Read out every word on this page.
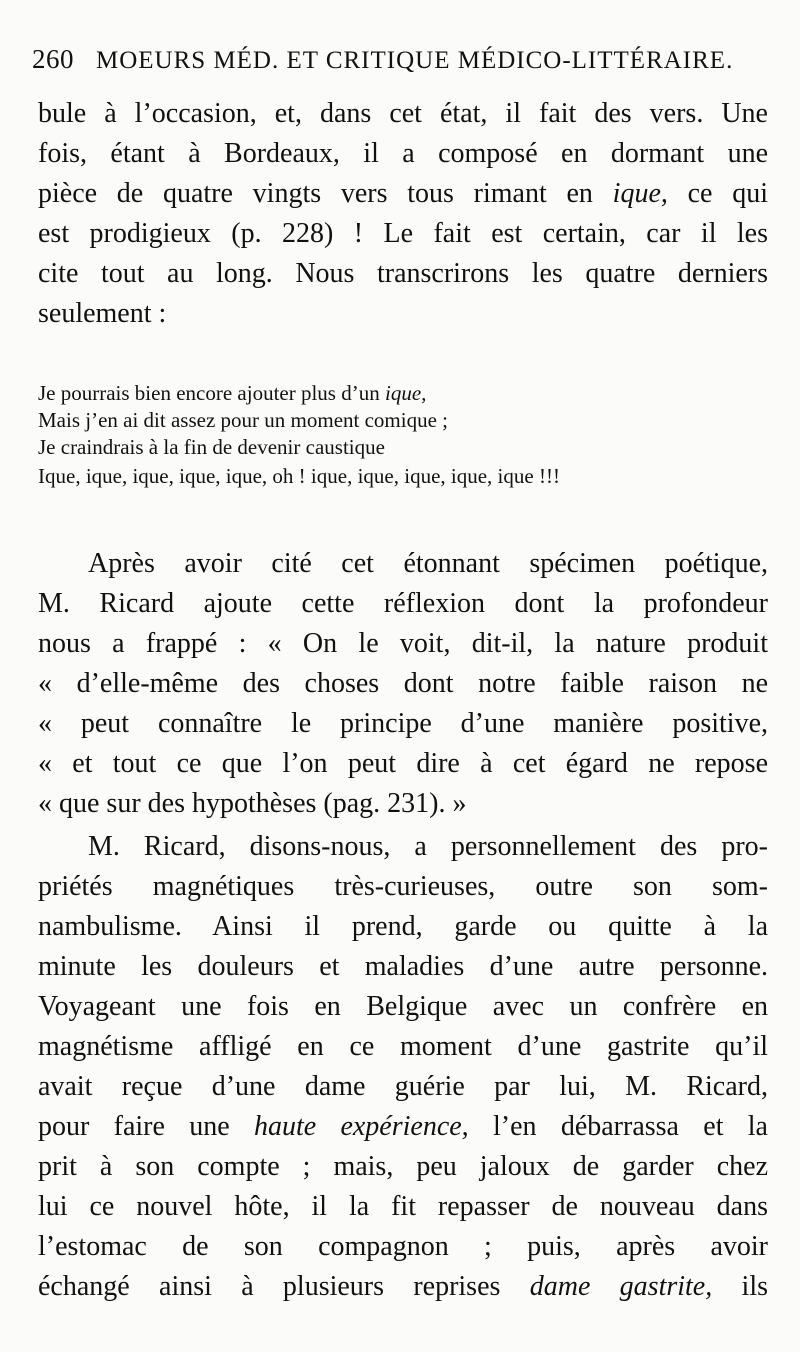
260 MOEURS MÉD. ET CRITIQUE MÉDICO-LITTÉRAIRE.
bule à l’occasion, et, dans cet état, il fait des vers. Une
fois, étant à Bordeaux, il a composé en dormant une
pièce de quatre vingts vers tous rimant en ique, ce qui
est prodigieux (p. 228) ! Le fait est certain, car il les
cite tout au long. Nous transcrirons les quatre derniers
seulement :
Je pourrais bien encore ajouter plus d’un ique,
Mais j’en ai dit assez pour un moment comique ;
Je craindrais à la fin de devenir caustique
Ique, ique, ique, ique, ique, oh ! ique, ique, ique, ique, ique !!!
Après avoir cité cet étonnant spécimen poétique,
M. Ricard ajoute cette réflexion dont la profondeur
nous a frappé : « On le voit, dit-il, la nature produit
« d’elle-même des choses dont notre faible raison ne
« peut connaître le principe d’une manière positive,
« et tout ce que l’on peut dire à cet égard ne repose
« que sur des hypothèses (pag. 231). »
M. Ricard, disons-nous, a personnellement des pro-
priétés magnétiques très-curieuses, outre son som-
nambulisme. Ainsi il prend, garde ou quitte à la
minute les douleurs et maladies d’une autre personne.
Voyageant une fois en Belgique avec un confrère en
magnétisme affligé en ce moment d’une gastrite qu’il
avait reçue d’une dame guérie par lui, M. Ricard,
pour faire une haute expérience, l’en débarrassa et la
prit à son compte ; mais, peu jaloux de garder chez
lui ce nouvel hôte, il la fit repasser de nouveau dans
l’estomac de son compagnon ; puis, après avoir
échangé ainsi à plusieurs reprises dame gastrite, ils
